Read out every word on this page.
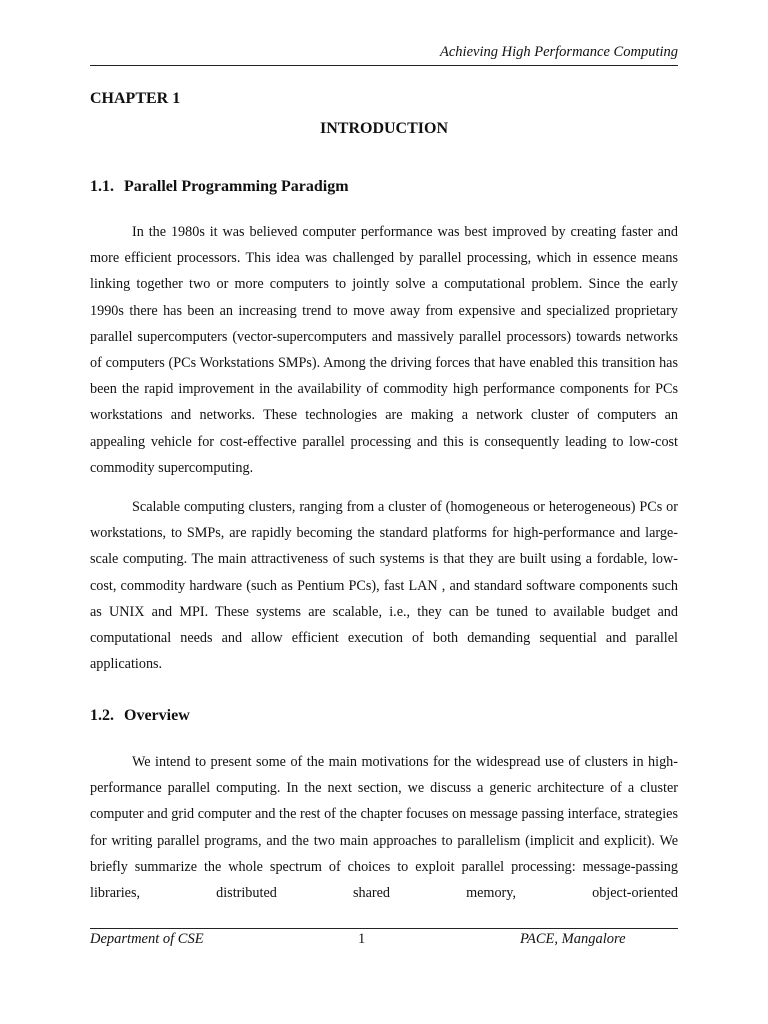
Achieving High Performance Computing
CHAPTER 1
INTRODUCTION
1.1. Parallel Programming Paradigm

In the 1980s it was believed computer performance was best improved by creating faster and more efficient processors. This idea was challenged by parallel processing, which in essence means linking together two or more computers to jointly solve a computational problem. Since the early 1990s there has been an increasing trend to move away from expensive and specialized proprietary parallel supercomputers (vector-supercomputers and massively parallel processors) towards networks of computers (PCs Workstations SMPs). Among the driving forces that have enabled this transition has been the rapid improvement in the availability of commodity high performance components for PCs workstations and networks. These technologies are making a network cluster of computers an appealing vehicle for cost-effective parallel processing and this is consequently leading to low-cost commodity supercomputing.

Scalable computing clusters, ranging from a cluster of (homogeneous or heterogeneous) PCs or workstations, to SMPs, are rapidly becoming the standard platforms for high-performance and large-scale computing. The main attractiveness of such systems is that they are built using a fordable, low-cost, commodity hardware (such as Pentium PCs), fast LAN , and standard software components such as UNIX and MPI. These systems are scalable, i.e., they can be tuned to available budget and computational needs and allow efficient execution of both demanding sequential and parallel applications.

1.2. Overview

We intend to present some of the main motivations for the widespread use of clusters in high-performance parallel computing. In the next section, we discuss a generic architecture of a cluster computer and grid computer and the rest of the chapter focuses on message passing interface, strategies for writing parallel programs, and the two main approaches to parallelism (implicit and explicit). We briefly summarize the whole spectrum of choices to exploit parallel processing: message-passing libraries, distributed shared memory, object-oriented

Department of CSE	1	PACE, Mangalore
